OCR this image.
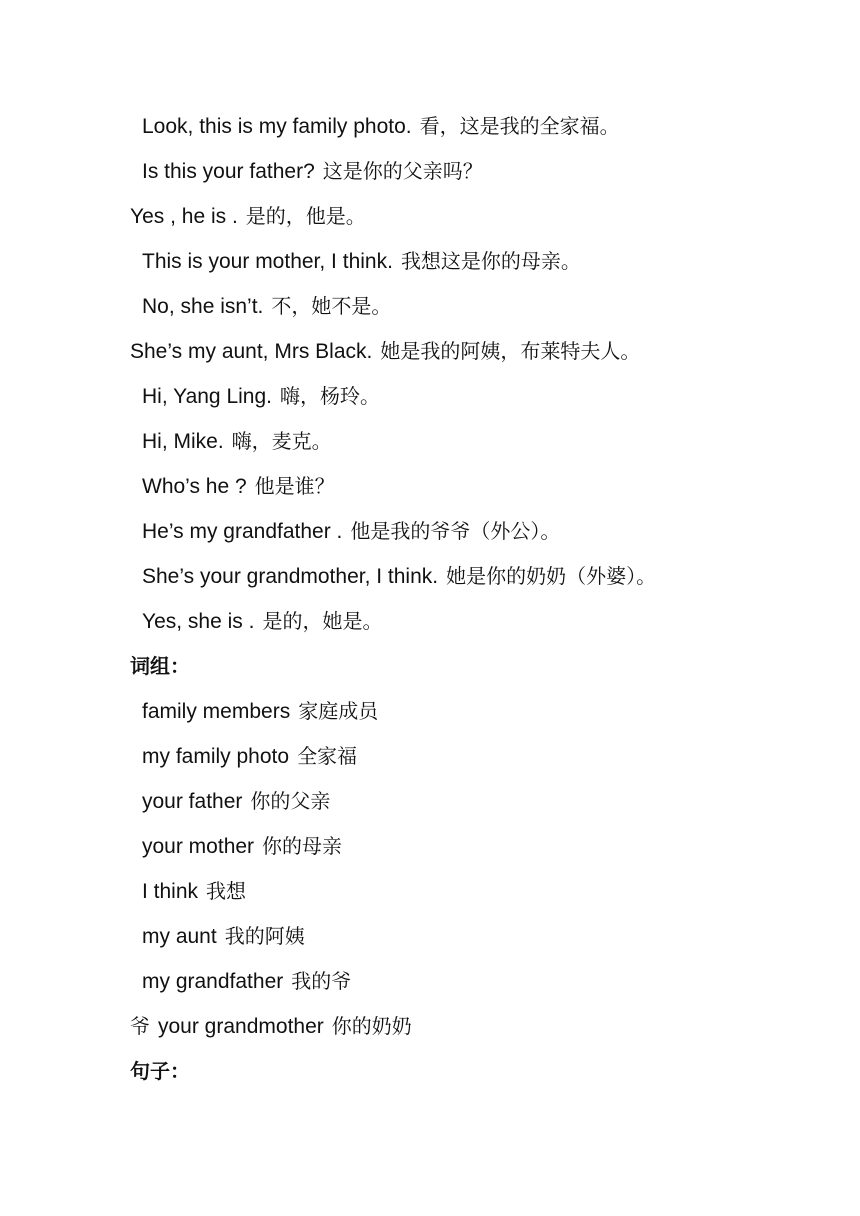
Look, this is my family photo. 看，这是我的全家福。
Is this your father? 这是你的父亲吗？
Yes , he is . 是的，他是。
This is your mother, I think. 我想这是你的母亲。
No, she isn’t. 不，她不是。
She’s my aunt, Mrs Black. 她是我的阿姨，布莱特夫人。
Hi, Yang Ling. 嗨，杨玲。
Hi, Mike. 嗨，麦克。
Who’s he ? 他是谁？
He’s my grandfather . 他是我的爷爷（外公）。
She’s your grandmother, I think. 她是你的奶奶（外婆）。
Yes, she is . 是的，她是。
词组：
family members 家庭成员
my family photo 全家福
your father 你的父亲
your mother 你的母亲
I think 我想
my aunt 我的阿姨
my grandfather 我的爷
爷 your grandmother 你的奶奶
句子：
